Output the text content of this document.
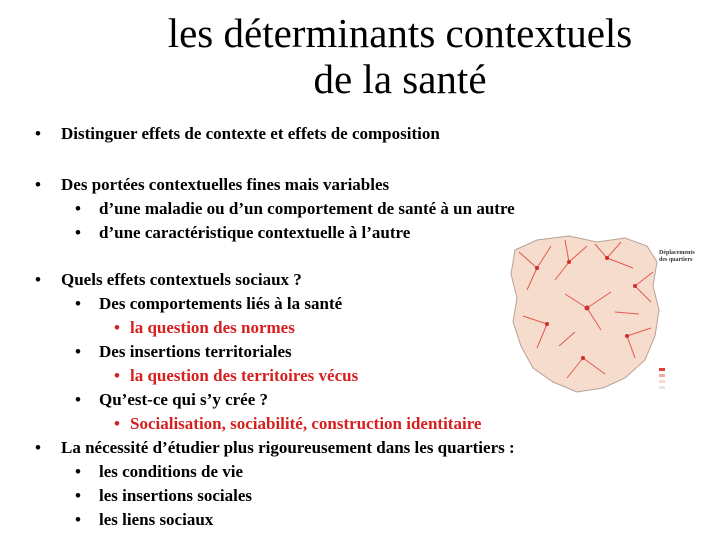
les déterminants contextuels
de la santé
Déplacements
des quartiers
• Distinguer effets de contexte et effets de composition
• Des portées contextuelles fines mais variables
• d’une maladie ou d’un comportement de santé à un autre
• d’une caractéristique contextuelle à l’autre
• Quels effets contextuels sociaux ?
• Des comportements liés à la santé
• la question des normes
• Des insertions territoriales
• la question des territoires vécus
• Qu’est-ce qui s’y crée ?
• Socialisation, sociabilité, construction identitaire
• La nécessité d’étudier plus rigoureusement dans les quartiers :
• les conditions de vie
• les insertions sociales
• les liens sociaux
